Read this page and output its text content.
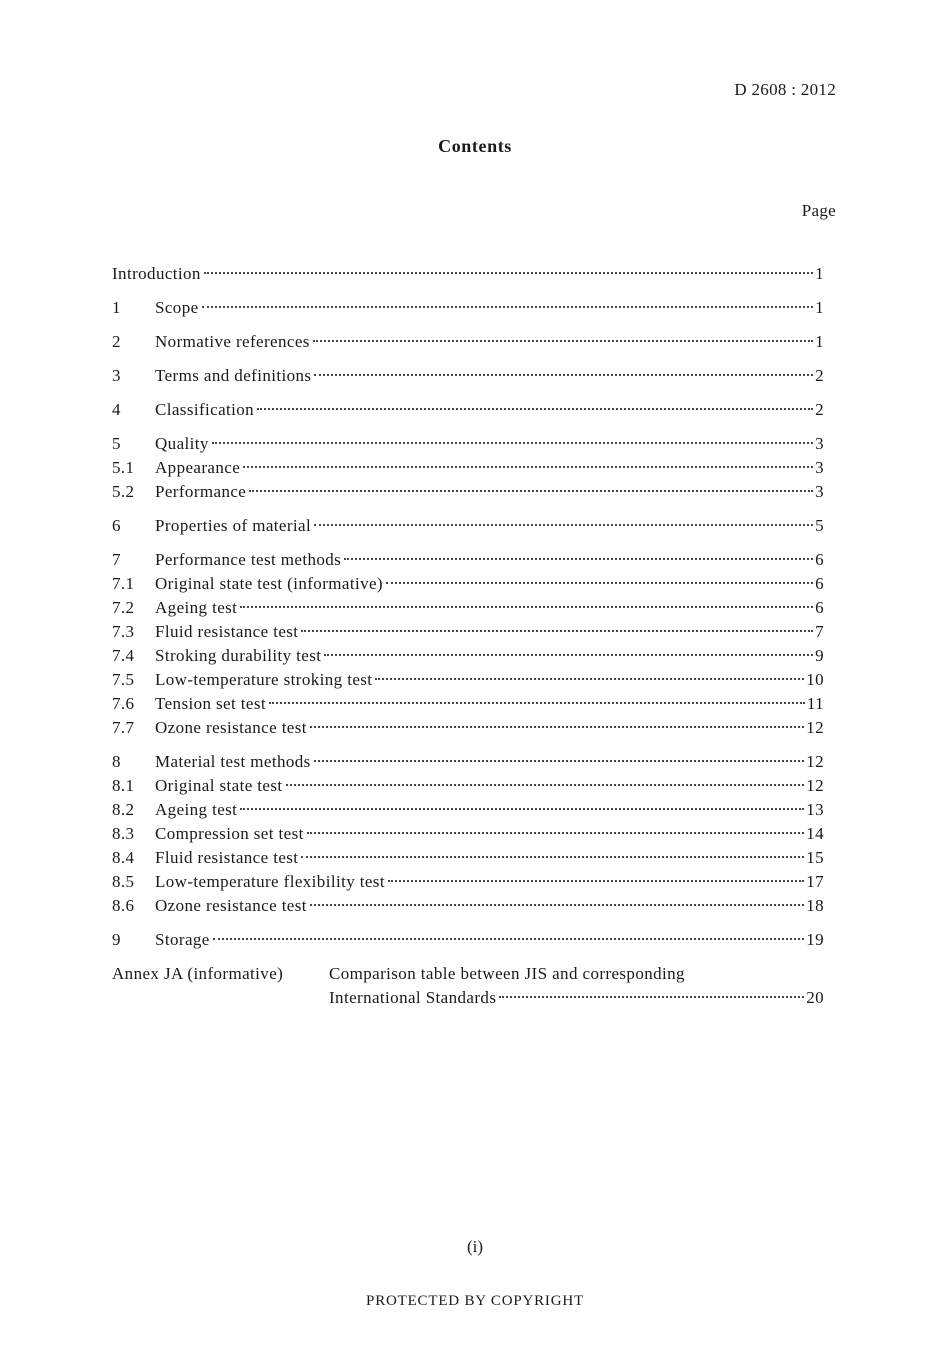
D 2608 : 2012
Contents
Page
Introduction	1
1	Scope	1
2	Normative references	1
3	Terms and definitions	2
4	Classification	2
5	Quality	3
5.1	Appearance	3
5.2	Performance	3
6	Properties of material	5
7	Performance test methods	6
7.1	Original state test (informative)	6
7.2	Ageing test	6
7.3	Fluid resistance test	7
7.4	Stroking durability test	9
7.5	Low-temperature stroking test	10
7.6	Tension set test	11
7.7	Ozone resistance test	12
8	Material test methods	12
8.1	Original state test	12
8.2	Ageing test	13
8.3	Compression set test	14
8.4	Fluid resistance test	15
8.5	Low-temperature flexibility test	17
8.6	Ozone resistance test	18
9	Storage	19
Annex JA (informative)	Comparison table between JIS and corresponding
International Standards	20
(i)
PROTECTED BY COPYRIGHT
